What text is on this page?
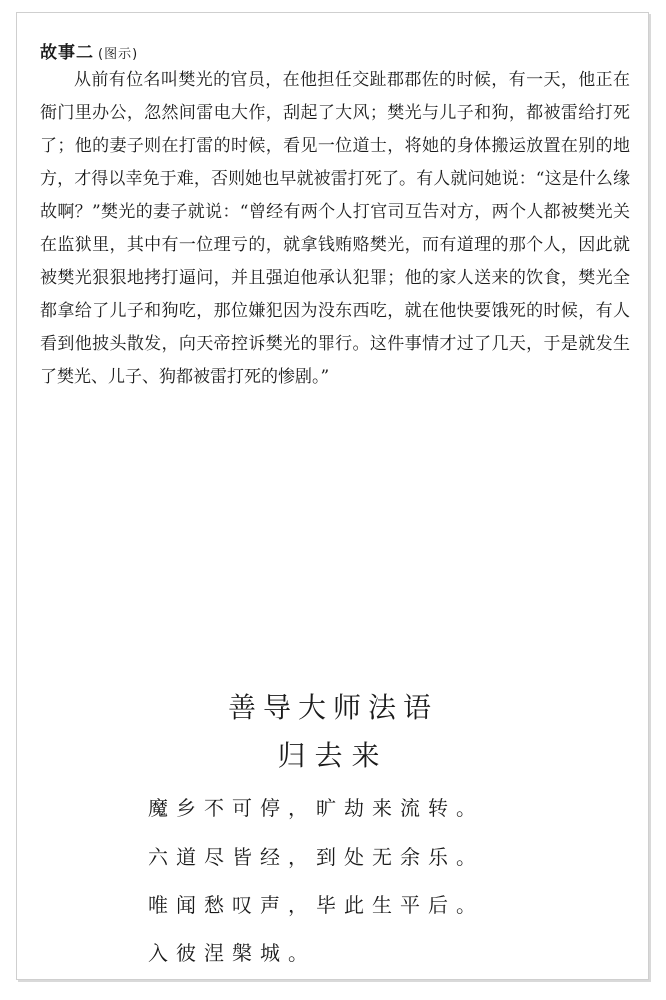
故事二 (图示)
从前有位名叫樊光的官员，在他担任交趾郡郡佐的时候，有一天，他正在衙门里办公，忽然间雷电大作，刮起了大风；樊光与儿子和狗，都被雷给打死了；他的妻子则在打雷的时候，看见一位道士，将她的身体搬运放置在别的地方，才得以幸免于难，否则她也早就被雷打死了。有人就问她说：“这是什么缘故啊？”樊光的妻子就说：“曾经有两个人打官司互告对方，两个人都被樊光关在监狱里，其中有一位理亏的，就拿钱贿赂樊光，而有道理的那个人，因此就被樊光狠狠地拷打逼问，并且强迫他承认犯罪；他的家人送来的饮食，樊光全都拿给了儿子和狗吃，那位嫌犯因为没东西吃，就在他快要饿死的时候，有人看到他披头散发，向天帝控诉樊光的罪行。这件事情才过了几天，于是就发生了樊光、儿子、狗都被雷打死的惨剧。”
善导大师法语
归去来
魔乡不可停，旷劫来流转。
六道尽皆经，到处无余乐。
唯闻愁叹声，毕此生平后。
入彼涅槃城。
